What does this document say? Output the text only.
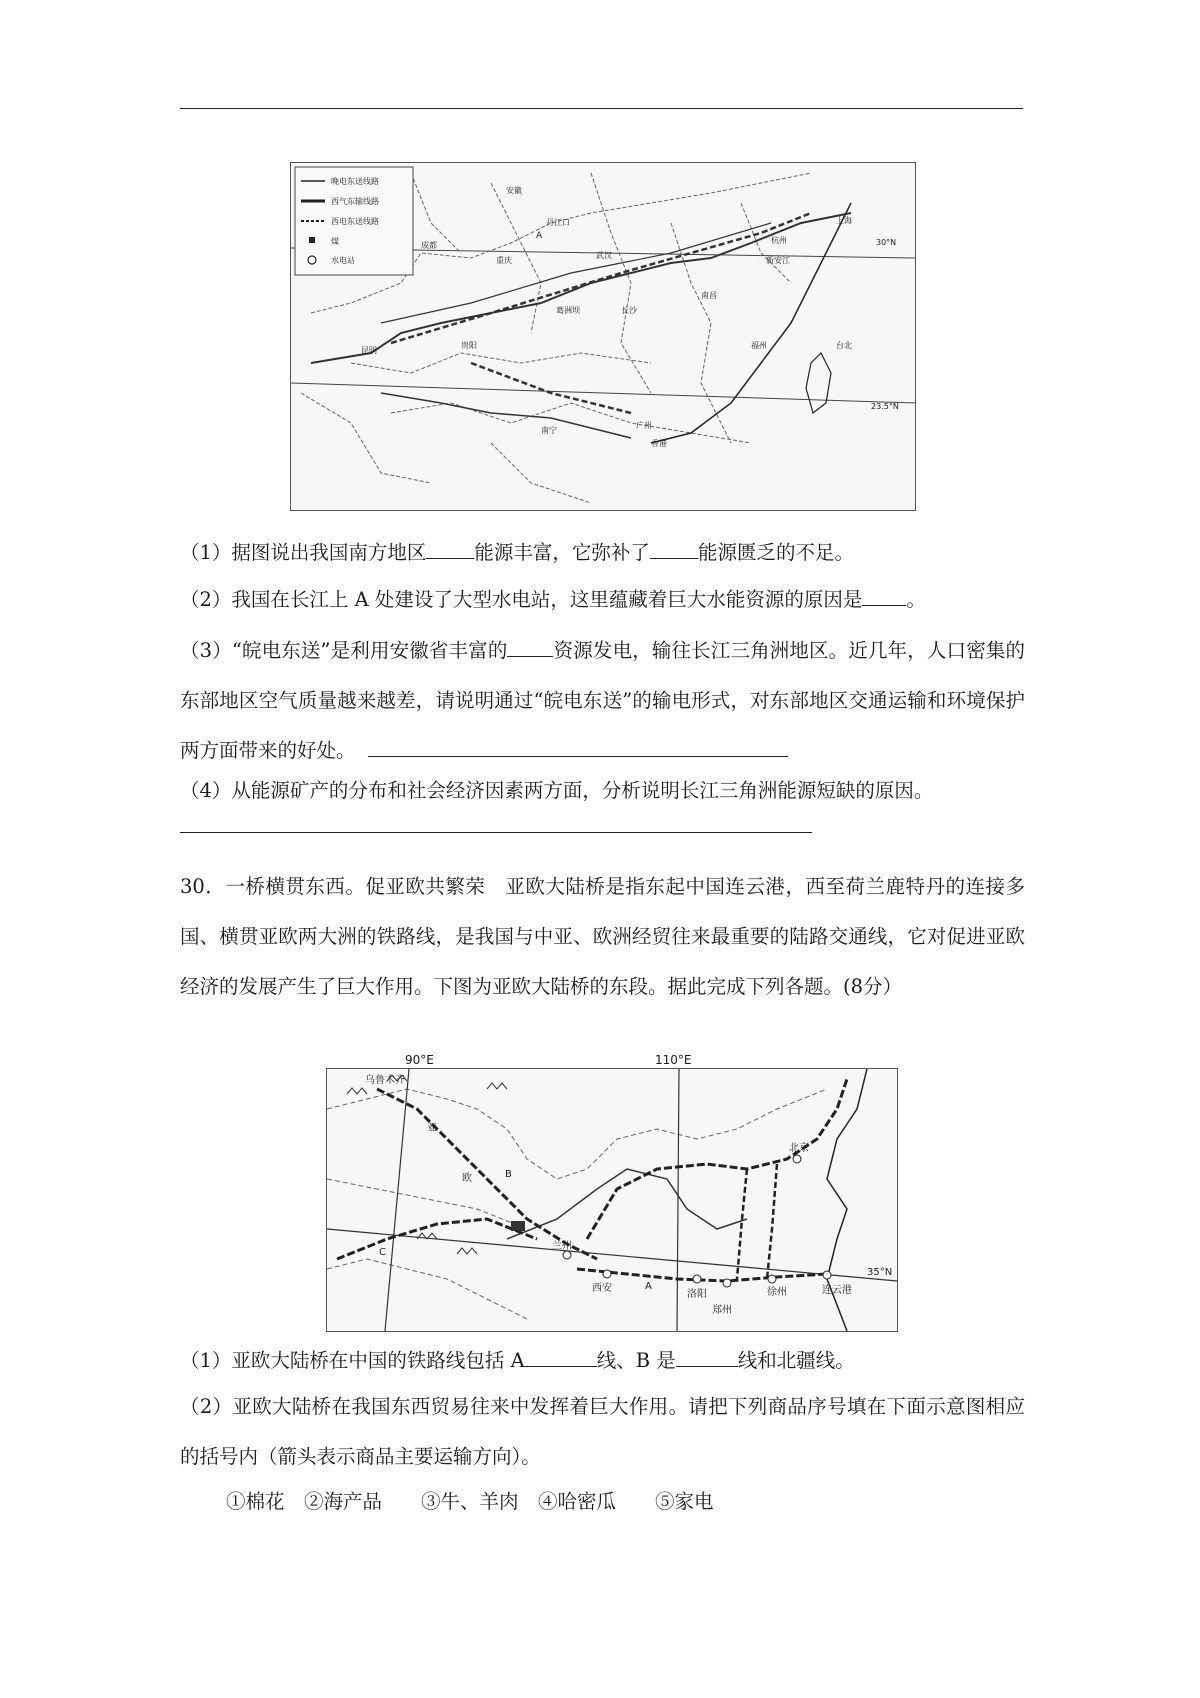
晚电东送线路
西气东输线路
西电东送线路
煤
水电站
安徽
成都
重庆
贵阳
南宁
昆明
武汉
长沙
南昌
杭州
上海
广州
香港
台北
福州
新安江
葛洲坝
丹江口
30°N
23.5°N
A
（1）据图说出我国南方地区 能源丰富，它弥补了 能源匮乏的不足。
（2）我国在长江上 A 处建设了大型水电站，这里蕴藏着巨大水能资源的原因是 。
（3）“皖电东送”是利用安徽省丰富的 资源发电，输往长江三角洲地区。近几年，人口密集的东部地区空气质量越来越差，请说明通过“皖电东送”的输电形式，对东部地区交通运输和环境保护两方面带来的好处。
（4）从能源矿产的分布和社会经济因素两方面，分析说明长江三角洲能源短缺的原因。
30．一桥横贯东西。促亚欧共繁荣　亚欧大陆桥是指东起中国连云港，西至荷兰鹿特丹的连接多国、横贯亚欧两大洲的铁路线，是我国与中亚、欧洲经贸往来最重要的陆路交通线，它对促进亚欧经济的发展产生了巨大作用。下图为亚欧大陆桥的东段。据此完成下列各题。(8分）
35°N
乌鲁木齐
兰州
西安
洛阳
郑州
徐州	连云港
北京
亚
欧	B
C
A
90°E	110°E
（1）亚欧大陆桥在中国的铁路线包括 A	线、B 是	线和北疆线。
（2）亚欧大陆桥在我国东西贸易往来中发挥着巨大作用。请把下列商品序号填在下面示意图相应的括号内（箭头表示商品主要运输方向）。
①棉花　②海产品　　③牛、羊肉　④哈密瓜　　⑤家电
